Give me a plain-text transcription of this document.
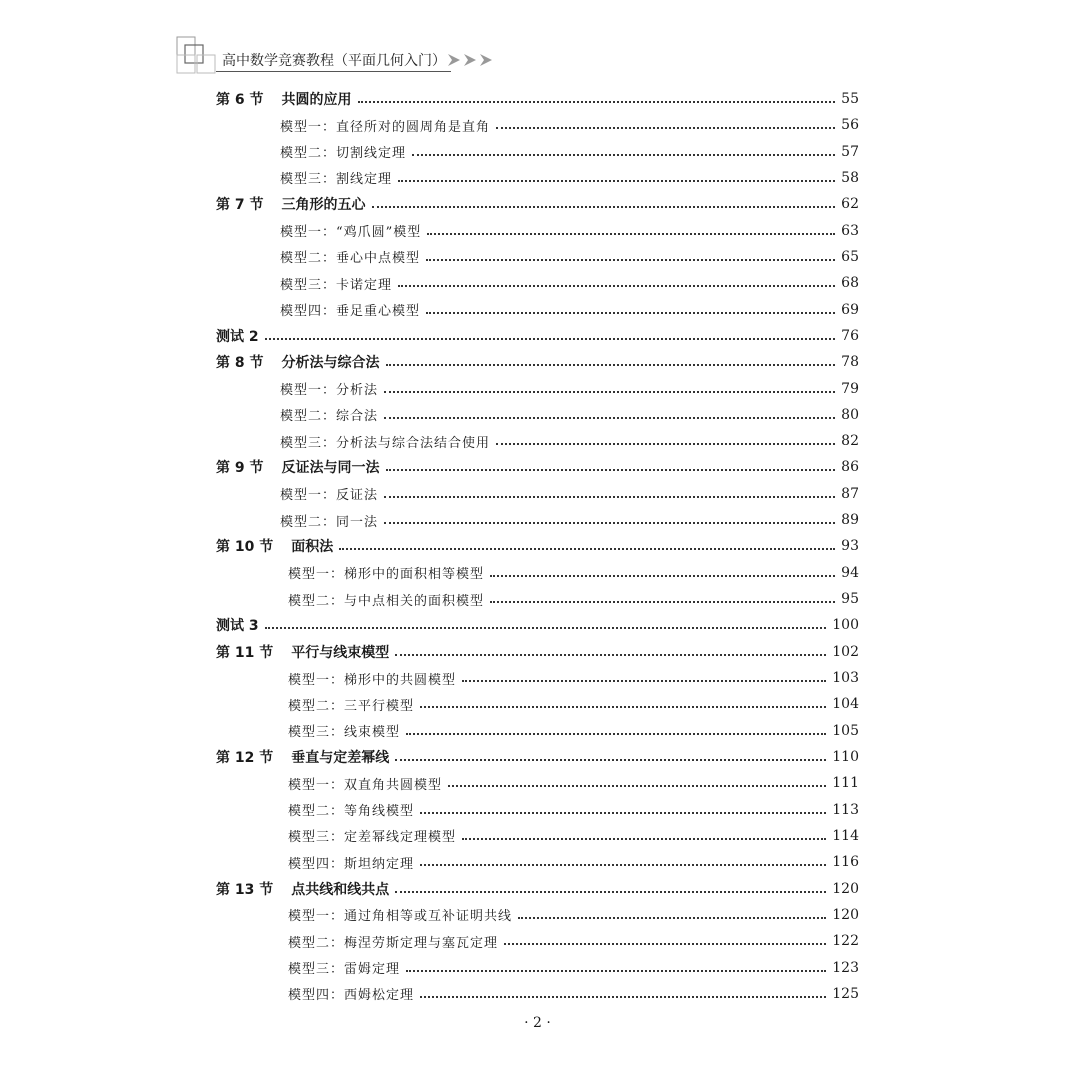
高中数学竞赛教程（平面几何入门）
第 6 节 共圆的应用	55
模型一：直径所对的圆周角是直角	56
模型二：切割线定理	57
模型三：割线定理	58
第 7 节 三角形的五心	62
模型一：“鸡爪圆”模型	63
模型二：垂心中点模型	65
模型三：卡诺定理	68
模型四：垂足重心模型	69
测试 2	76
第 8 节 分析法与综合法	78
模型一：分析法	79
模型二：综合法	80
模型三：分析法与综合法结合使用	82
第 9 节 反证法与同一法	86
模型一：反证法	87
模型二：同一法	89
第 10 节 面积法	93
模型一：梯形中的面积相等模型	94
模型二：与中点相关的面积模型	95
测试 3	100
第 11 节 平行与线束模型	102
模型一：梯形中的共圆模型	103
模型二：三平行模型	104
模型三：线束模型	105
第 12 节 垂直与定差幂线	110
模型一：双直角共圆模型	111
模型二：等角线模型	113
模型三：定差幂线定理模型	114
模型四：斯坦纳定理	116
第 13 节 点共线和线共点	120
模型一：通过角相等或互补证明共线	120
模型二：梅涅劳斯定理与塞瓦定理	122
模型三：雷姆定理	123
模型四：西姆松定理	125
· 2 ·
